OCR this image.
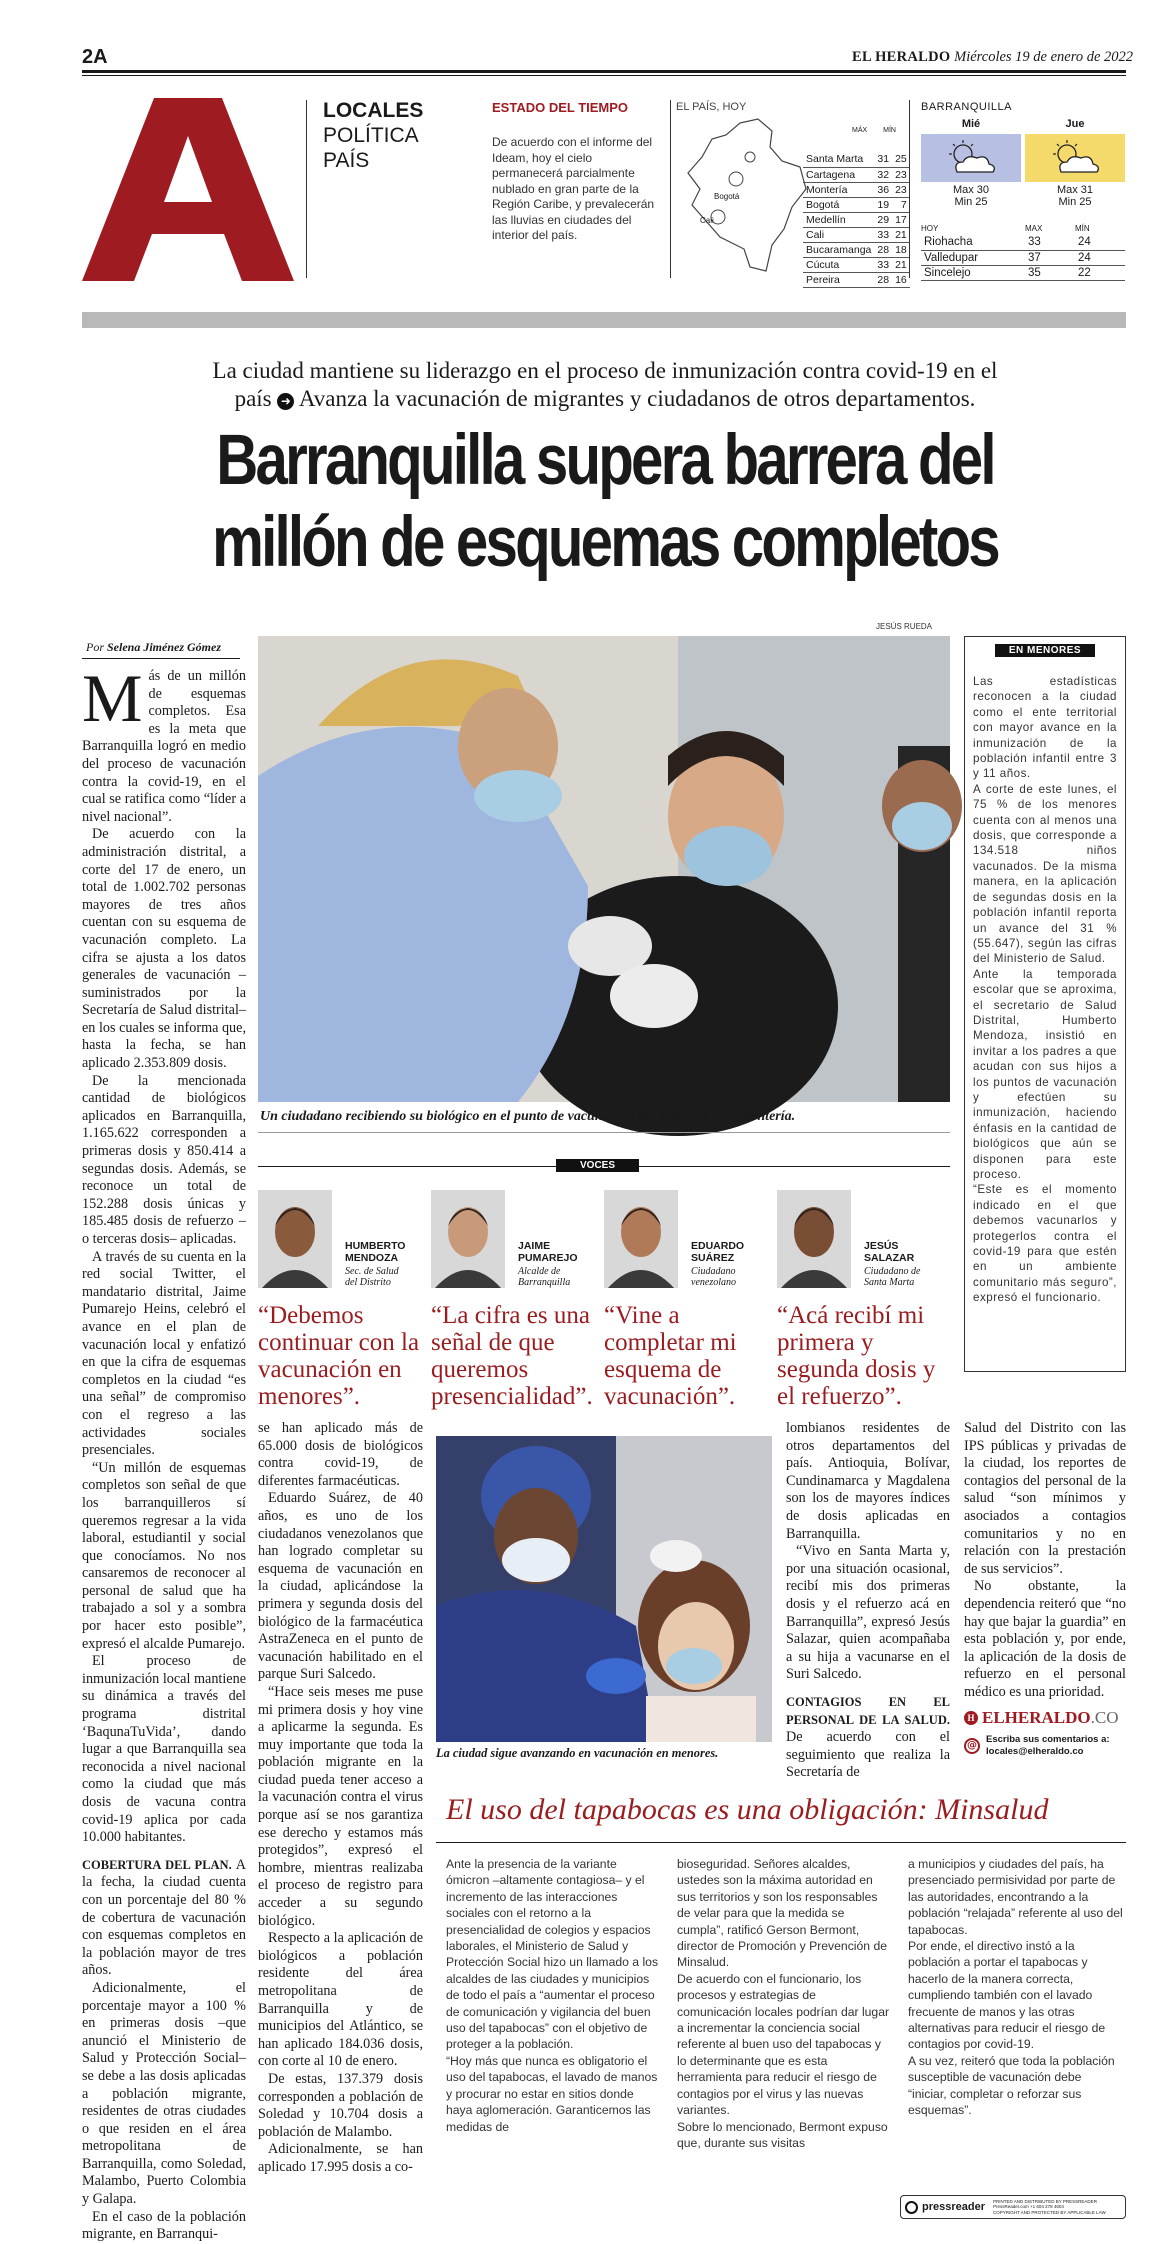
2A	EL HERALDO Miércoles 19 de enero de 2022
LOCALES
POLÍTICA
PAÍS
ESTADO DEL TIEMPO
De acuerdo con el informe del Ideam, hoy el cielo permanecerá parcialmente nublado en gran parte de la Región Caribe, y prevalecerán las lluvias en ciudades del interior del país.
EL PAÍS, HOY
Bogotá
Cali
MÁX MÍN
Santa Marta	31	25
Cartagena	32	23
Montería	36	23
Bogotá	19	7
Medellín	29	17
Cali	33	21
Bucaramanga	28	18
Cúcuta	33	21
Pereira	28	16
BARRANQUILLA
Mié
Max 30
Min 25
Jue
Max 31
Min 25
HOY	MAX	MÍN
Riohacha	33	24
Valledupar	37	24
Sincelejo	35	22
La ciudad mantiene su liderazgo en el proceso de inmunización contra covid-19 en el
país ➜ Avanza la vacunación de migrantes y ciudadanos de otros departamentos.
Barranquilla supera barrera del
millón de esquemas completos
Por Selena Jiménez Gómez
JESÚS RUEDA
Un ciudadano recibiendo su biológico en el punto de vacunación del estadio Edgar Rentería.
EN MENORES

Las estadísticas reconocen a la ciudad como el ente territorial con mayor avance en la inmunización de la población infantil entre 3 y 11 años.

A corte de este lunes, el 75 % de los menores cuenta con al menos una dosis, que corresponde a 134.518 niños vacunados. De la misma manera, en la aplicación de segundas dosis en la población infantil reporta un avance del 31 % (55.647), según las cifras del Ministerio de Salud.

Ante la temporada escolar que se aproxima, el secretario de Salud Distrital, Humberto Mendoza, insistió en invitar a los padres a que acudan con sus hijos a los puntos de vacunación y efectúen su inmunización, haciendo énfasis en la cantidad de biológicos que aún se disponen para este proceso.

“Este es el momento indicado en el que debemos vacunarlos y protegerlos contra el covid-19 para que estén en un ambiente comunitario más seguro”, expresó el funcionario.

Más de un millón de esquemas completos. Esa es la meta que Barranquilla logró en medio del proceso de vacunación contra la covid-19, en el cual se ratifica como “líder a nivel nacional”.

De acuerdo con la administración distrital, a corte del 17 de enero, un total de 1.002.702 personas mayores de tres años cuentan con su esquema de vacunación completo. La cifra se ajusta a los datos generales de vacunación –suministrados por la Secretaría de Salud distrital– en los cuales se informa que, hasta la fecha, se han aplicado 2.353.809 dosis.

De la mencionada cantidad de biológicos aplicados en Barranquilla, 1.165.622 corresponden a primeras dosis y 850.414 a segundas dosis. Además, se reconoce un total de 152.288 dosis únicas y 185.485 dosis de refuerzo –o terceras dosis– aplicadas.

A través de su cuenta en la red social Twitter, el mandatario distrital, Jaime Pumarejo Heins, celebró el avance en el plan de vacunación local y enfatizó en que la cifra de esquemas completos en la ciudad “es una señal” de compromiso con el regreso a las actividades sociales presenciales.

“Un millón de esquemas completos son señal de que los barranquilleros sí queremos regresar a la vida laboral, estudiantil y social que conocíamos. No nos cansaremos de reconocer al personal de salud que ha trabajado a sol y a sombra por hacer esto posible”, expresó el alcalde Pumarejo.

El proceso de inmunización local mantiene su dinámica a través del programa distrital ‘BaqunaTuVida’, dando lugar a que Barranquilla sea reconocida a nivel nacional como la ciudad que más dosis de vacuna contra covid-19 aplica por cada 10.000 habitantes.

COBERTURA DEL PLAN. A la fecha, la ciudad cuenta con un porcentaje del 80 % de cobertura de vacunación con esquemas completos en la población mayor de tres años.

Adicionalmente, el porcentaje mayor a 100 % en primeras dosis –que anunció el Ministerio de Salud y Protección Social– se debe a las dosis aplicadas a población migrante, residentes de otras ciudades o que residen en el área metropolitana de Barranquilla, como Soledad, Malambo, Puerto Colombia y Galapa.

En el caso de la población migrante, en Barranqui-

VOCES
HUMBERTO
MENDOZA
Sec. de Salud
del Distrito
“Debemos continuar con la vacunación en menores”.
JAIME
PUMAREJO
Alcalde de
Barranquilla
“La cifra es una señal de que queremos presencialidad”.
EDUARDO
SUÁREZ
Ciudadano
venezolano
“Vine a completar mi esquema de vacunación”.
JESÚS
SALAZAR
Ciudadano de
Santa Marta
“Acá recibí mi primera y segunda dosis y el refuerzo”.

se han aplicado más de 65.000 dosis de biológicos contra covid-19, de diferentes farmacéuticas.

Eduardo Suárez, de 40 años, es uno de los ciudadanos venezolanos que han logrado completar su esquema de vacunación en la ciudad, aplicándose la primera y segunda dosis del biológico de la farmacéutica AstraZeneca en el punto de vacunación habilitado en el parque Suri Salcedo.

“Hace seis meses me puse mi primera dosis y hoy vine a aplicarme la segunda. Es muy importante que toda la población migrante en la ciudad pueda tener acceso a la vacunación contra el virus porque así se nos garantiza ese derecho y estamos más protegidos”, expresó el hombre, mientras realizaba el proceso de registro para acceder a su segundo biológico.

Respecto a la aplicación de biológicos a población residente del área metropolitana de Barranquilla y de municipios del Atlántico, se han aplicado 184.036 dosis, con corte al 10 de enero.

De estas, 137.379 dosis corresponden a población de Soledad y 10.704 dosis a población de Malambo.

Adicionalmente, se han aplicado 17.995 dosis a co-

La ciudad sigue avanzando en vacunación en menores.

lombianos residentes de otros departamentos del país. Antioquia, Bolívar, Cundinamarca y Magdalena son los de mayores índices de dosis aplicadas en Barranquilla.

“Vivo en Santa Marta y, por una situación ocasional, recibí mis dos primeras dosis y el refuerzo acá en Barranquilla”, expresó Jesús Salazar, quien acompañaba a su hija a vacunarse en el Suri Salcedo.

CONTAGIOS EN EL PERSONAL DE LA SALUD. De acuerdo con el seguimiento que realiza la Secretaría de

Salud del Distrito con las IPS públicas y privadas de la ciudad, los reportes de contagios del personal de la salud “son mínimos y asociados a contagios comunitarios y no en relación con la prestación de sus servicios”.

No obstante, la dependencia reiteró que “no hay que bajar la guardia” en esta población y, por ende, la aplicación de la dosis de refuerzo en el personal médico es una prioridad.

H ELHERALDO.CO
@
Escriba sus comentarios a:
locales@elheraldo.co
El uso del tapabocas es una obligación: Minsalud
Ante la presencia de la variante ómicron –altamente contagiosa– y el incremento de las interacciones sociales con el retorno a la presencialidad de colegios y espacios laborales, el Ministerio de Salud y Protección Social hizo un llamado a los alcaldes de las ciudades y municipios de todo el país a “aumentar el proceso de comunicación y vigilancia del buen uso del tapabocas” con el objetivo de proteger a la población.
“Hoy más que nunca es obligatorio el uso del tapabocas, el lavado de manos y procurar no estar en sitios donde haya aglomeración. Garanticemos las medidas de
bioseguridad. Señores alcaldes, ustedes son la máxima autoridad en sus territorios y son los responsables de velar para que la medida se cumpla”, ratificó Gerson Bermont, director de Promoción y Prevención de Minsalud.
De acuerdo con el funcionario, los procesos y estrategias de comunicación locales podrían dar lugar a incrementar la conciencia social referente al buen uso del tapabocas y lo determinante que es esta herramienta para reducir el riesgo de contagios por el virus y las nuevas variantes.
Sobre lo mencionado, Bermont expuso que, durante sus visitas
a municipios y ciudades del país, ha presenciado permisividad por parte de las autoridades, encontrando a la población “relajada” referente al uso del tapabocas.
Por ende, el directivo instó a la población a portar el tapabocas y hacerlo de la manera correcta, cumpliendo también con el lavado frecuente de manos y las otras alternativas para reducir el riesgo de contagios por covid-19.
A su vez, reiteró que toda la población susceptible de vacunación debe “iniciar, completar o reforzar sus esquemas”.
pressreader PRINTED AND DISTRIBUTED BY PRESSREADER
PressReader.com +1 604 278 4604
COPYRIGHT AND PROTECTED BY APPLICABLE LAW
